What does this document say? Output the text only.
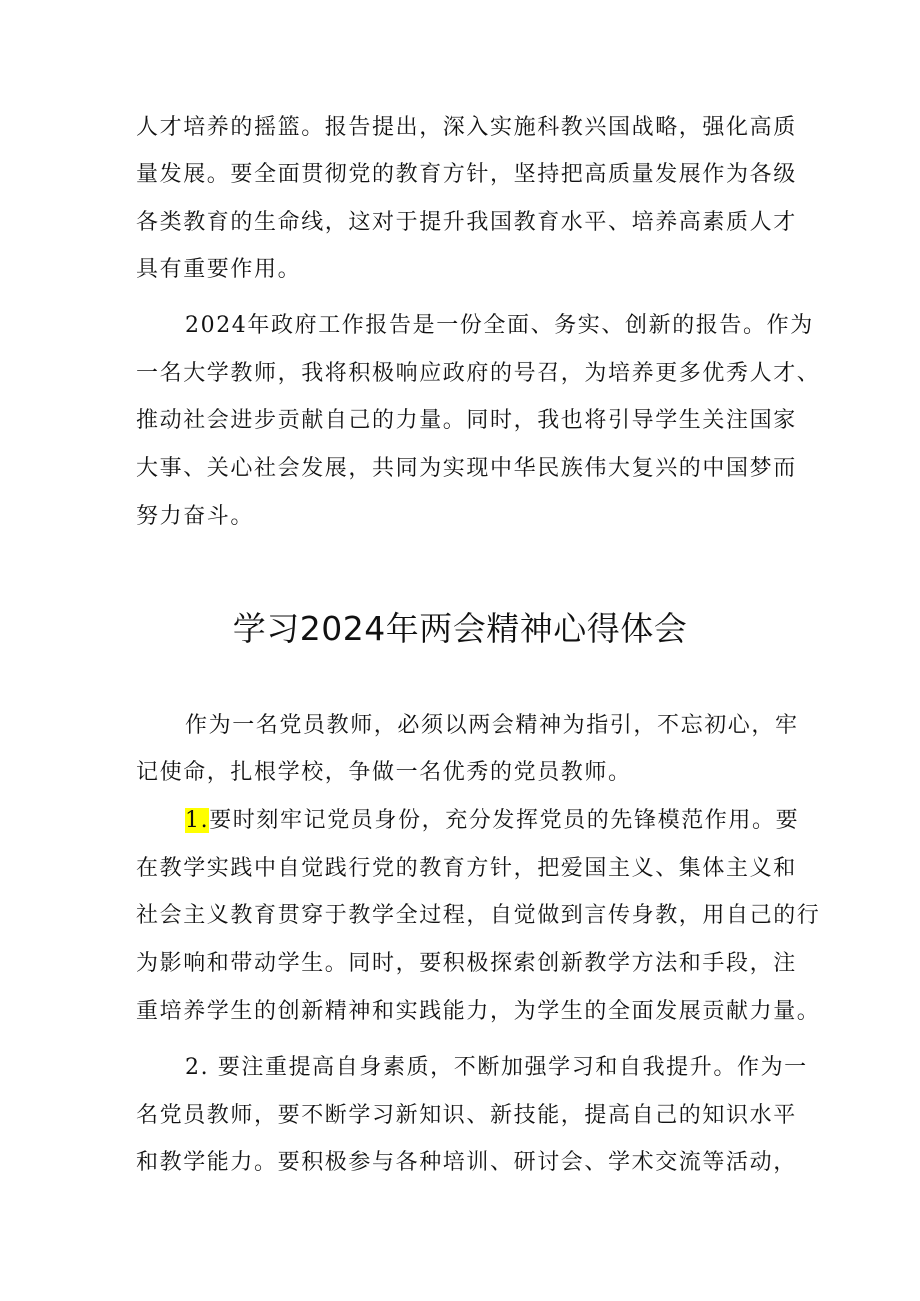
人才培养的摇篮。报告提出，深入实施科教兴国战略，强化高质
量发展。要全面贯彻党的教育方针，坚持把高质量发展作为各级
各类教育的生命线，这对于提升我国教育水平、培养高素质人才
具有重要作用。
2024年政府工作报告是一份全面、务实、创新的报告。作为
一名大学教师，我将积极响应政府的号召，为培养更多优秀人才、
推动社会进步贡献自己的力量。同时，我也将引导学生关注国家
大事、关心社会发展，共同为实现中华民族伟大复兴的中国梦而
努力奋斗。
学习2024年两会精神心得体会
作为一名党员教师，必须以两会精神为指引，不忘初心，牢
记使命，扎根学校，争做一名优秀的党员教师。
1.要时刻牢记党员身份，充分发挥党员的先锋模范作用。要
在教学实践中自觉践行党的教育方针，把爱国主义、集体主义和
社会主义教育贯穿于教学全过程，自觉做到言传身教，用自己的行
为影响和带动学生。同时，要积极探索创新教学方法和手段，注
重培养学生的创新精神和实践能力，为学生的全面发展贡献力量。
2. 要注重提高自身素质，不断加强学习和自我提升。作为一
名党员教师，要不断学习新知识、新技能，提高自己的知识水平
和教学能力。要积极参与各种培训、研讨会、学术交流等活动，
